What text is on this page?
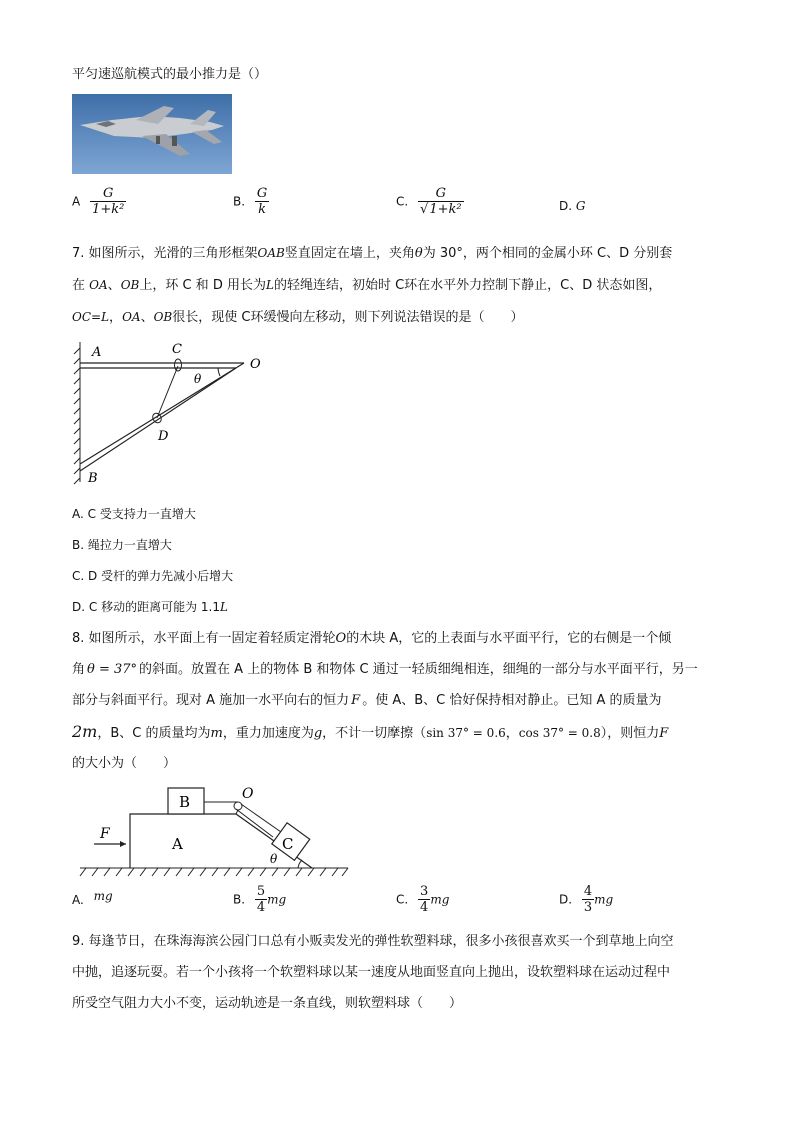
平匀速巡航模式的最小推力是（）
A $\frac{G}{\text{1+k²}}$	B. $\frac{G}{k}$	C. $\frac{G}{\text{√1+k²}}$	D. G
7. 如图所示，光滑的三角形框架OAB竖直固定在墙上，夹角θ为 30°，两个相同的金属小环 C、D 分别套
在 OA、OB上，环 C 和 D 用长为L的轻绳连结，初始时 C环在水平外力控制下静止，C、D 状态如图，
OC=L，OA、OB很长，现使 C环缓慢向左移动，则下列说法错误的是（　　）
A	C
O
θ
D
B
A. C 受支持力一直增大
B. 绳拉力一直增大
C. D 受杆的弹力先减小后增大
D. C 移动的距离可能为 1.1L
8. 如图所示，水平面上有一固定着轻质定滑轮O的木块 A，它的上表面与水平面平行，它的右侧是一个倾
角 θ = 37° 的斜面。放置在 A 上的物体 B 和物体 C 通过一轻质细绳相连，细绳的一部分与水平面平行，另一
部分与斜面平行。现对 A 施加一水平向右的恒力 F 。使 A、B、C 恰好保持相对静止。已知 A 的质量为
2m，B、C 的质量均为m，重力加速度为g，不计一切摩擦（sin 37° = 0.6，cos 37° = 0.8），则恒力F
的大小为（　　）
B	O
F
A	C
θ
A. mg	B. $\frac{5}{4}$ mg	C. $\frac{3}{4}$ mg	D. $\frac{4}{3}$ mg
9. 每逢节日，在珠海海滨公园门口总有小贩卖发光的弹性软塑料球，很多小孩很喜欢买一个到草地上向空
中抛，追逐玩耍。若一个小孩将一个软塑料球以某一速度从地面竖直向上抛出，设软塑料球在运动过程中
所受空气阻力大小不变，运动轨迹是一条直线，则软塑料球（　　）
